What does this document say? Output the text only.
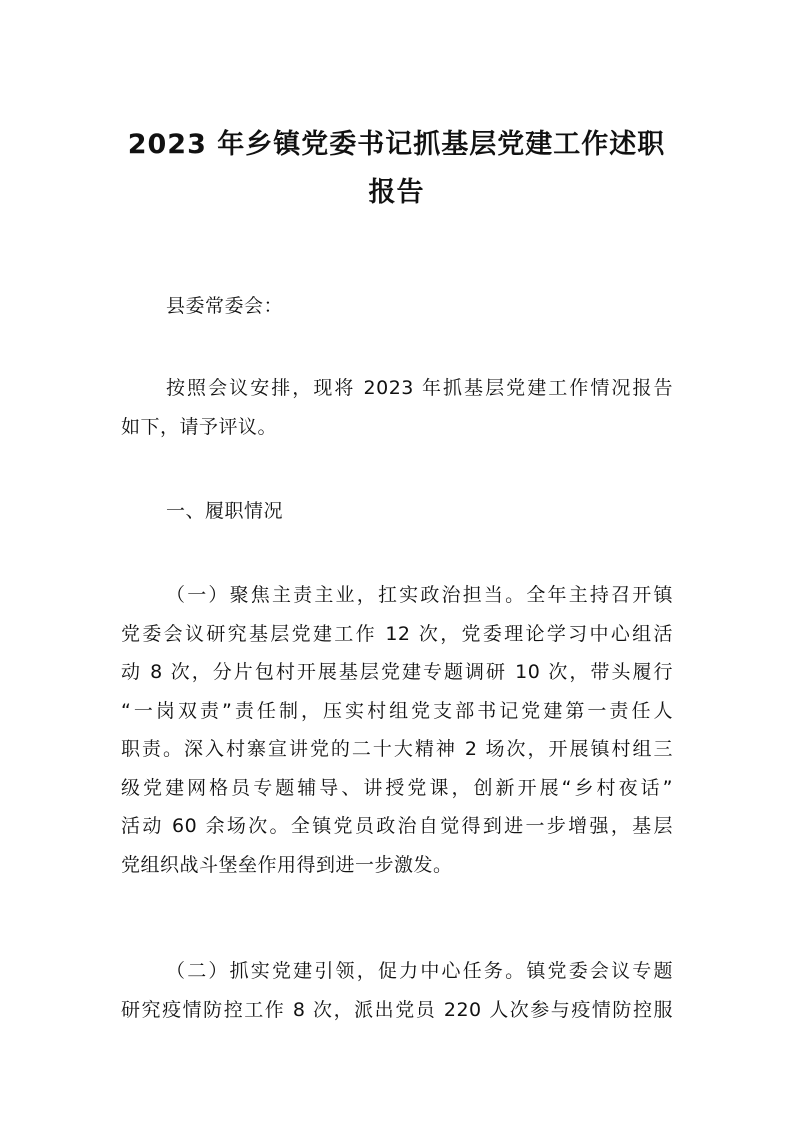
2023 年乡镇党委书记抓基层党建工作述职
报告
县委常委会：
按照会议安排，现将 2023 年抓基层党建工作情况报告
如下，请予评议。
一、履职情况
（一）聚焦主责主业，扛实政治担当。全年主持召开镇
党委会议研究基层党建工作 12 次，党委理论学习中心组活
动 8 次，分片包村开展基层党建专题调研 10 次，带头履行
“一岗双责”责任制，压实村组党支部书记党建第一责任人
职责。深入村寨宣讲党的二十大精神 2 场次，开展镇村组三
级党建网格员专题辅导、讲授党课，创新开展“乡村夜话”
活动 60 余场次。全镇党员政治自觉得到进一步增强，基层
党组织战斗堡垒作用得到进一步激发。
（二）抓实党建引领，促力中心任务。镇党委会议专题
研究疫情防控工作 8 次，派出党员 220 人次参与疫情防控服
